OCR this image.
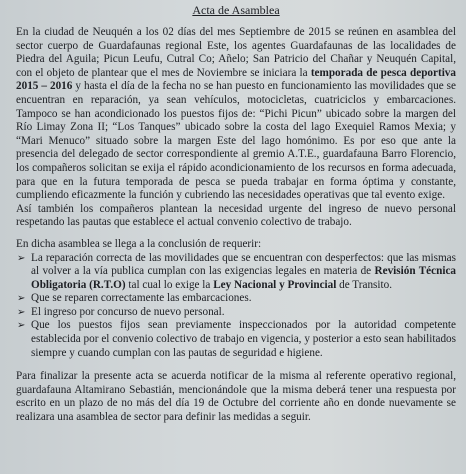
Acta de Asamblea

En la ciudad de Neuquén a los 02 días del mes Septiembre de 2015 se reúnen en asamblea del sector cuerpo de Guardafaunas regional Este, los agentes Guardafaunas de las localidades de Piedra del Aguila; Picun Leufu, Cutral Co; Añelo; San Patricio del Chañar y Neuquén Capital, con el objeto de plantear que el mes de Noviembre se iniciara la temporada de pesca deportiva 2015 – 2016 y hasta el día de la fecha no se han puesto en funcionamiento las movilidades que se encuentran en reparación, ya sean vehículos, motocicletas, cuatriciclos y embarcaciones. Tampoco se han acondicionado los puestos fijos de: “Pichi Picun” ubicado sobre la margen del Río Limay Zona II; “Los Tanques” ubicado sobre la costa del lago Exequiel Ramos Mexia; y “Mari Menuco” situado sobre la margen Este del lago homónimo. Es por eso que ante la presencia del delegado de sector correspondiente al gremio A.T.E., guardafauna Barro Florencio, los compañeros solicitan se exija el rápido acondicionamiento de los recursos en forma adecuada, para que en la futura temporada de pesca se pueda trabajar en forma óptima y constante, cumpliendo eficazmente la función y cubriendo las necesidades operativas que tal evento exige.

Así también los compañeros plantean la necesidad urgente del ingreso de nuevo personal respetando las pautas que establece el actual convenio colectivo de trabajo.

En dicha asamblea se llega a la conclusión de requerir:

➢ La reparación correcta de las movilidades que se encuentran con desperfectos: que las mismas al volver a la vía publica cumplan con las exigencias legales en materia de Revisión Técnica Obligatoria (R.T.O) tal cual lo exige la Ley Nacional y Provincial de Transito.
➢ Que se reparen correctamente las embarcaciones.
➢ El ingreso por concurso de nuevo personal.
➢ Que los puestos fijos sean previamente inspeccionados por la autoridad competente establecida por el convenio colectivo de trabajo en vigencia, y posterior a esto sean habilitados siempre y cuando cumplan con las pautas de seguridad e higiene.

Para finalizar la presente acta se acuerda notificar de la misma al referente operativo regional, guardafauna Altamirano Sebastián, mencionándole que la misma deberá tener una respuesta por escrito en un plazo de no más del día 19 de Octubre del corriente año en donde nuevamente se realizara una asamblea de sector para definir las medidas a seguir.
